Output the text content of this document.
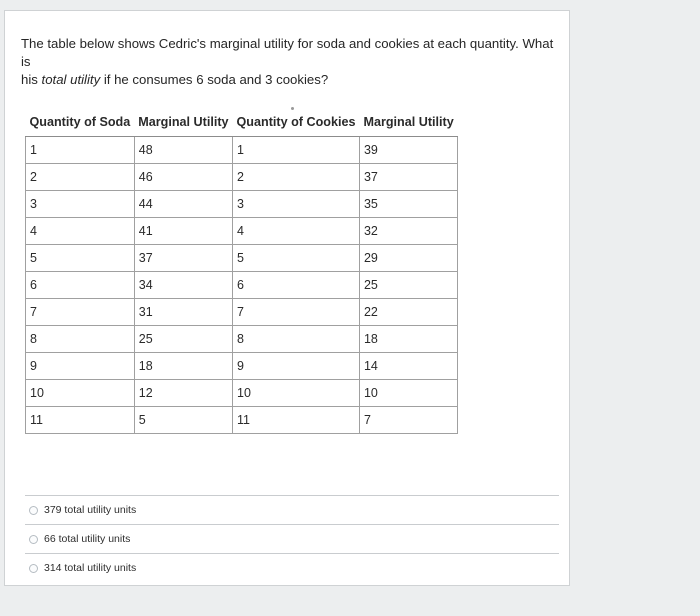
The table below shows Cedric's marginal utility for soda and cookies at each quantity. What is
his total utility if he consumes 6 soda and 3 cookies?
Quantity of Soda	Marginal Utility	Quantity of Cookies	Marginal Utility
1	48	1	39
2	46	2	37
3	44	3	35
4	41	4	32
5	37	5	29
6	34	6	25
7	31	7	22
8	25	8	18
9	18	9	14
10	12	10	10
11	5	11	7
379 total utility units
66 total utility units
314 total utility units
